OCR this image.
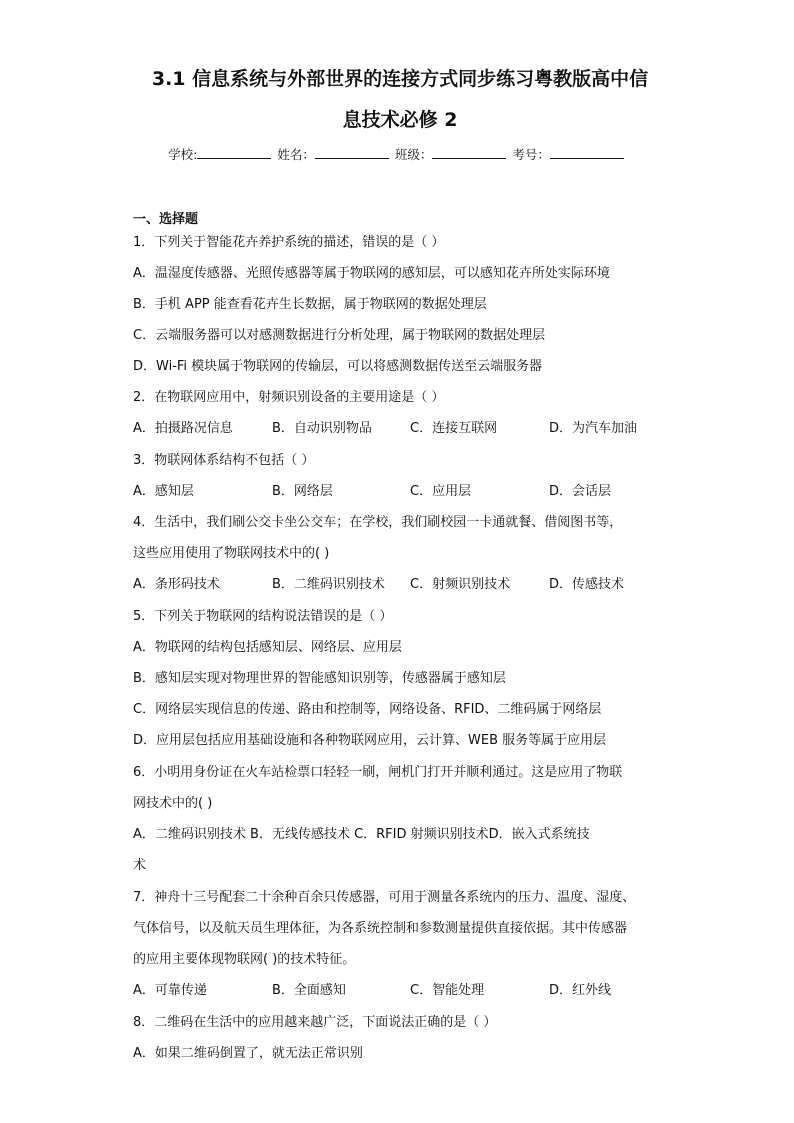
3.1 信息系统与外部世界的连接方式同步练习粤教版高中信
息技术必修 2
学校:	姓名：	班级：	考号：
一、选择题
1．下列关于智能花卉养护系统的描述，错误的是（ ）
A．温湿度传感器、光照传感器等属于物联网的感知层，可以感知花卉所处实际环境
B．手机 APP 能查看花卉生长数据，属于物联网的数据处理层
C．云端服务器可以对感测数据进行分析处理，属于物联网的数据处理层
D．Wi-Fi 模块属于物联网的传输层，可以将感测数据传送至云端服务器
2．在物联网应用中，射频识别设备的主要用途是（ ）
A．拍摄路况信息	B．自动识别物品	C．连接互联网	D．为汽车加油
3．物联网体系结构不包括（ ）
A．感知层	B．网络层	C．应用层	D．会话层
4．生活中，我们刷公交卡坐公交车；在学校，我们刷校园一卡通就餐、借阅图书等，
这些应用使用了物联网技术中的( )
A．条形码技术	B．二维码识别技术 C．射频识别技术	D．传感技术
5．下列关于物联网的结构说法错误的是（ ）
A．物联网的结构包括感知层、网络层、应用层
B．感知层实现对物理世界的智能感知识别等，传感器属于感知层
C．网络层实现信息的传递、路由和控制等，网络设备、RFID、二维码属于网络层
D．应用层包括应用基础设施和各种物联网应用，云计算、WEB 服务等属于应用层
6．小明用身份证在火车站检票口轻轻一刷，闸机门打开并顺利通过。这是应用了物联
网技术中的( )
A．二维码识别技术 B．无线传感技术 C．RFID 射频识别技术D．嵌入式系统技
术
7．神舟十三号配套二十余种百余只传感器，可用于测量各系统内的压力、温度、湿度、
气体信号，以及航天员生理体征，为各系统控制和参数测量提供直接依据。其中传感器
的应用主要体现物联网( )的技术特征。
A．可靠传递	B．全面感知	C．智能处理	D．红外线
8．二维码在生活中的应用越来越广泛，下面说法正确的是（ ）
A．如果二维码倒置了，就无法正常识别
